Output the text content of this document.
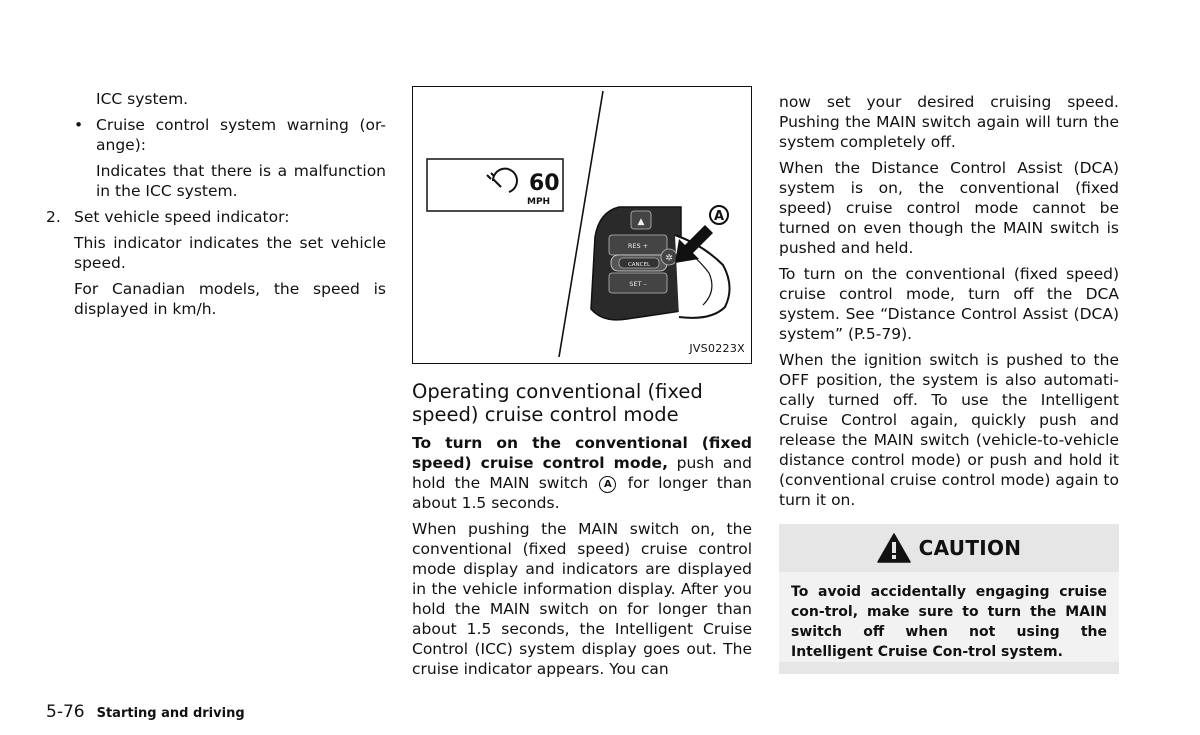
ICC system.

• Cruise control system warning (or-ange):

Indicates that there is a malfunction in the ICC system.

2. Set vehicle speed indicator:

This indicator indicates the set vehicle speed.

For Canadian models, the speed is displayed in km/h.

60
MPH
RES +
CANCEL
SET –
▲
✲
A
JVS0223X

Operating conventional (fixed speed) cruise control mode

To turn on the conventional (fixed speed) cruise control mode, push and hold the MAIN switch A for longer than about 1.5 seconds.

When pushing the MAIN switch on, the conventional (fixed speed) cruise control mode display and indicators are displayed in the vehicle information display. After you hold the MAIN switch on for longer than about 1.5 seconds, the Intelligent Cruise Control (ICC) system display goes out. The cruise indicator appears. You can

now set your desired cruising speed. Pushing the MAIN switch again will turn the system completely off.

When the Distance Control Assist (DCA) system is on, the conventional (fixed speed) cruise control mode cannot be turned on even though the MAIN switch is pushed and held.

To turn on the conventional (fixed speed) cruise control mode, turn off the DCA system. See “Distance Control Assist (DCA) system” (P.5-79).

When the ignition switch is pushed to the OFF position, the system is also automati-cally turned off. To use the Intelligent Cruise Control again, quickly push and release the MAIN switch (vehicle-to-vehicle distance control mode) or push and hold it (conventional cruise control mode) again to turn it on.

CAUTION
To avoid accidentally engaging cruise con-trol, make sure to turn the MAIN switch off when not using the Intelligent Cruise Con-trol system.
5-76 Starting and driving
